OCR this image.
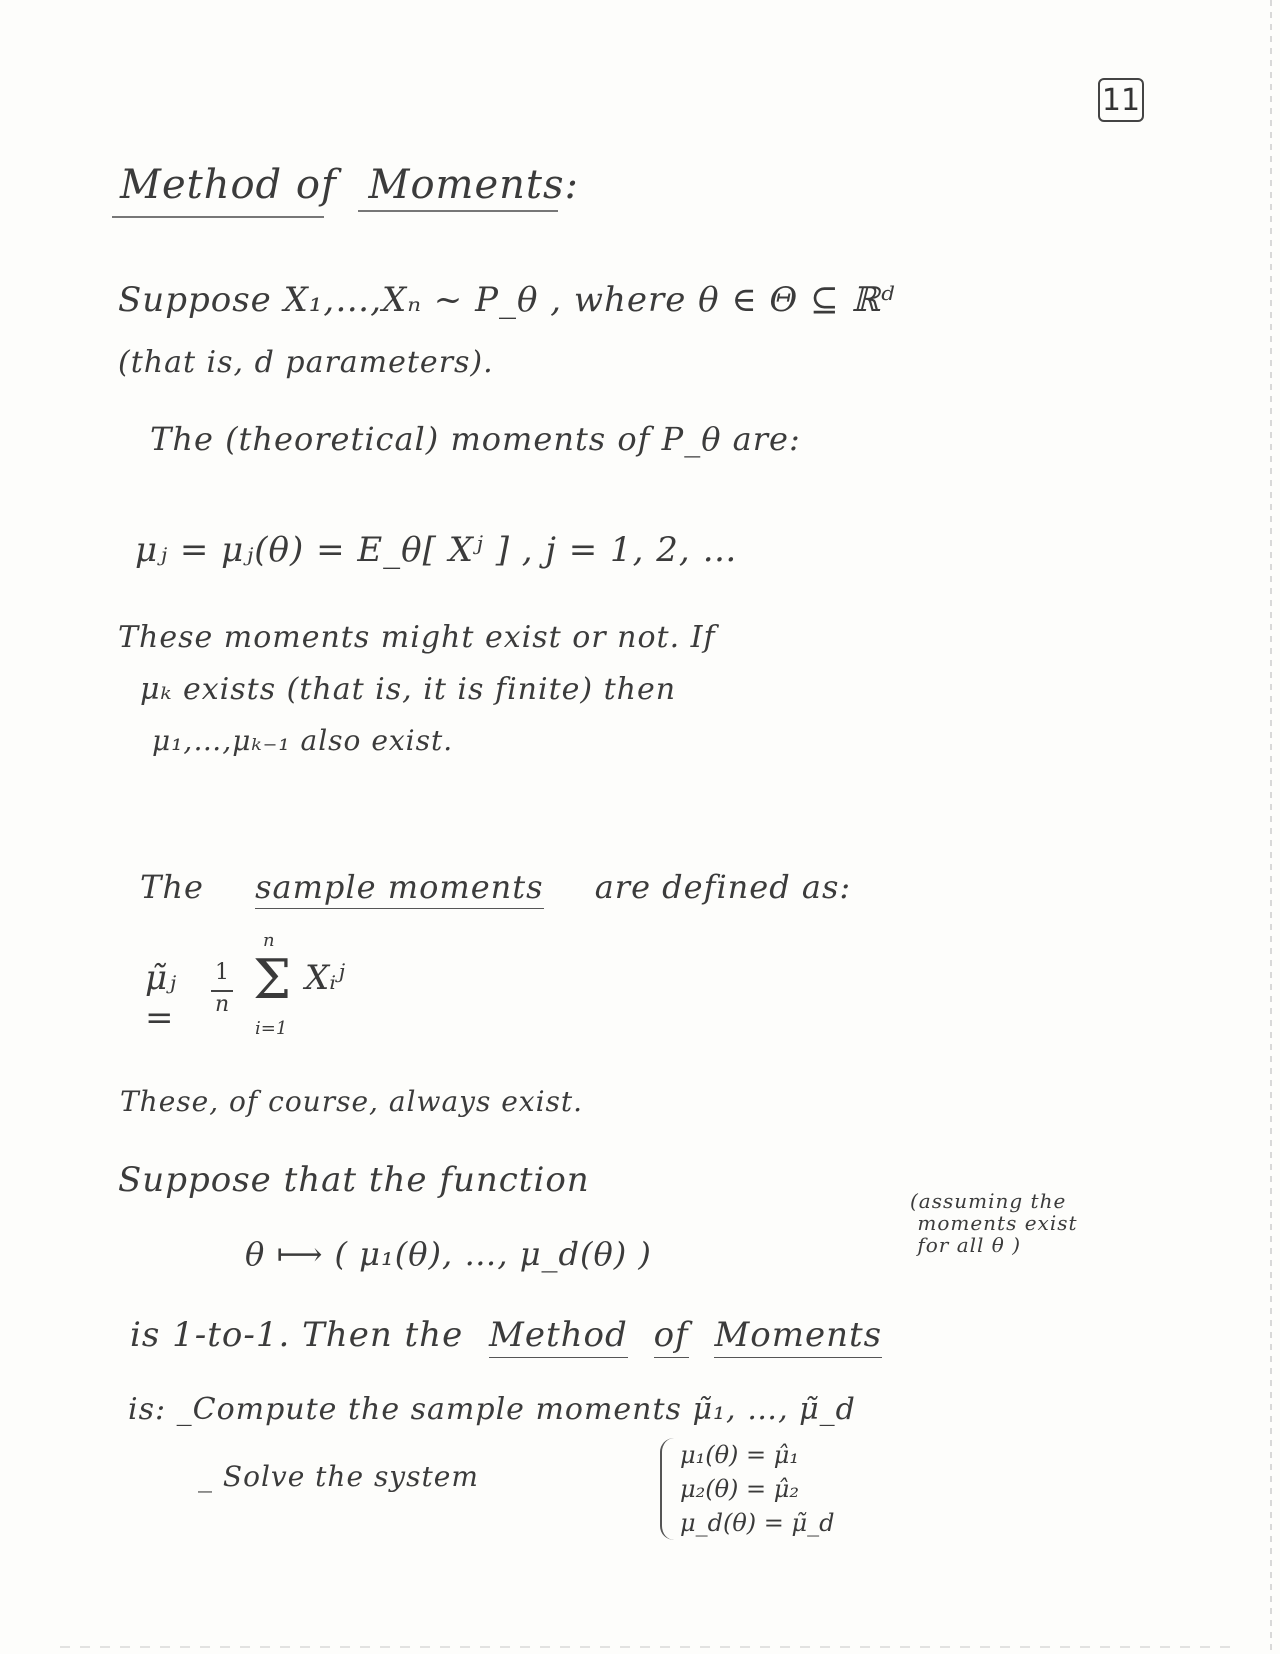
11
Method of Moments:
Suppose X₁,…,Xₙ ~ P_θ , where θ ∈ Θ ⊆ ℝᵈ
(that is, d parameters).
The (theoretical) moments of P_θ are:
μⱼ = μⱼ(θ) = E_θ[ Xʲ ] , j = 1, 2, …
These moments might exist or not. If
μₖ exists (that is, it is finite) then
μ₁,…,μₖ₋₁ also exist.
The sample moments are defined as:
μ̃ⱼ =
1
n Σ
n
i=1
Xᵢʲ
These, of course, always exist.
Suppose that the function
θ ⟼ ( μ₁(θ), …, μ_d(θ) )
(assuming the
moments exist
for all θ )
is 1-to-1. Then the Method of Moments
is: _Compute the sample moments μ̃₁, …, μ̃_d
_ Solve the system
μ₁(θ) = μ̂₁
μ₂(θ) = μ̂₂
μ_d(θ) = μ̃_d
